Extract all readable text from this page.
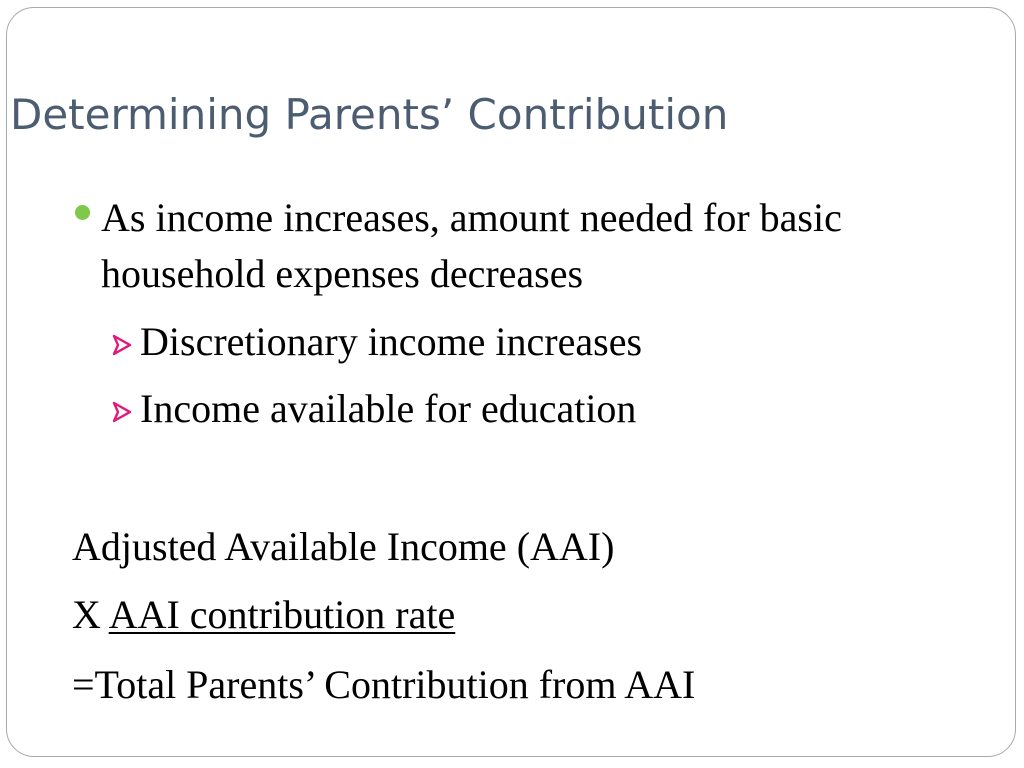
Determining Parents’ Contribution
As income increases, amount needed for basic household expenses decreases
Discretionary income increases
Income available for education
Adjusted Available Income (AAI)
X AAI contribution rate
=Total Parents’ Contribution from AAI
